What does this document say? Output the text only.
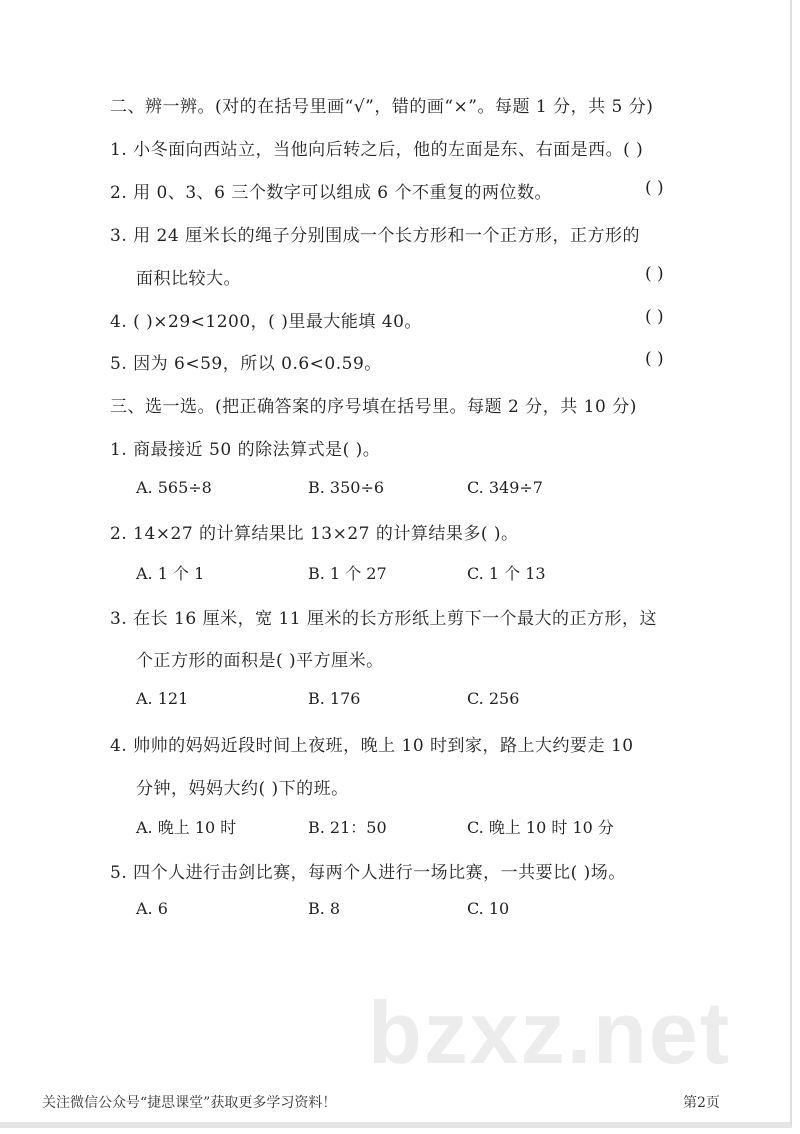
二、辨一辨。(对的在括号里画“√”，错的画“×”。每题 1 分，共 5 分)
1. 小冬面向西站立，当他向后转之后，他的左面是东、右面是西。( )
2. 用 0、3、6 三个数字可以组成 6 个不重复的两位数。	( )
3. 用 24 厘米长的绳子分别围成一个长方形和一个正方形，正方形的
面积比较大。	( )
4. ( )×29<1200，( )里最大能填 40。	( )
5. 因为 6<59，所以 0.6<0.59。	( )
三、选一选。(把正确答案的序号填在括号里。每题 2 分，共 10 分)
1. 商最接近 50 的除法算式是( )。
A. 565÷8	B. 350÷6	C. 349÷7
2. 14×27 的计算结果比 13×27 的计算结果多( )。
A. 1 个 1	B. 1 个 27	C. 1 个 13
3. 在长 16 厘米，宽 11 厘米的长方形纸上剪下一个最大的正方形，这
个正方形的面积是( )平方厘米。
A. 121	B. 176	C. 256
4. 帅帅的妈妈近段时间上夜班，晚上 10 时到家，路上大约要走 10
分钟，妈妈大约( )下的班。
A. 晚上 10 时	B. 21：50	C. 晚上 10 时 10 分
5. 四个人进行击剑比赛，每两个人进行一场比赛，一共要比( )场。
A. 6	B. 8	C. 10
bzxz.net
关注微信公众号“捷思课堂”获取更多学习资料！	第2页
